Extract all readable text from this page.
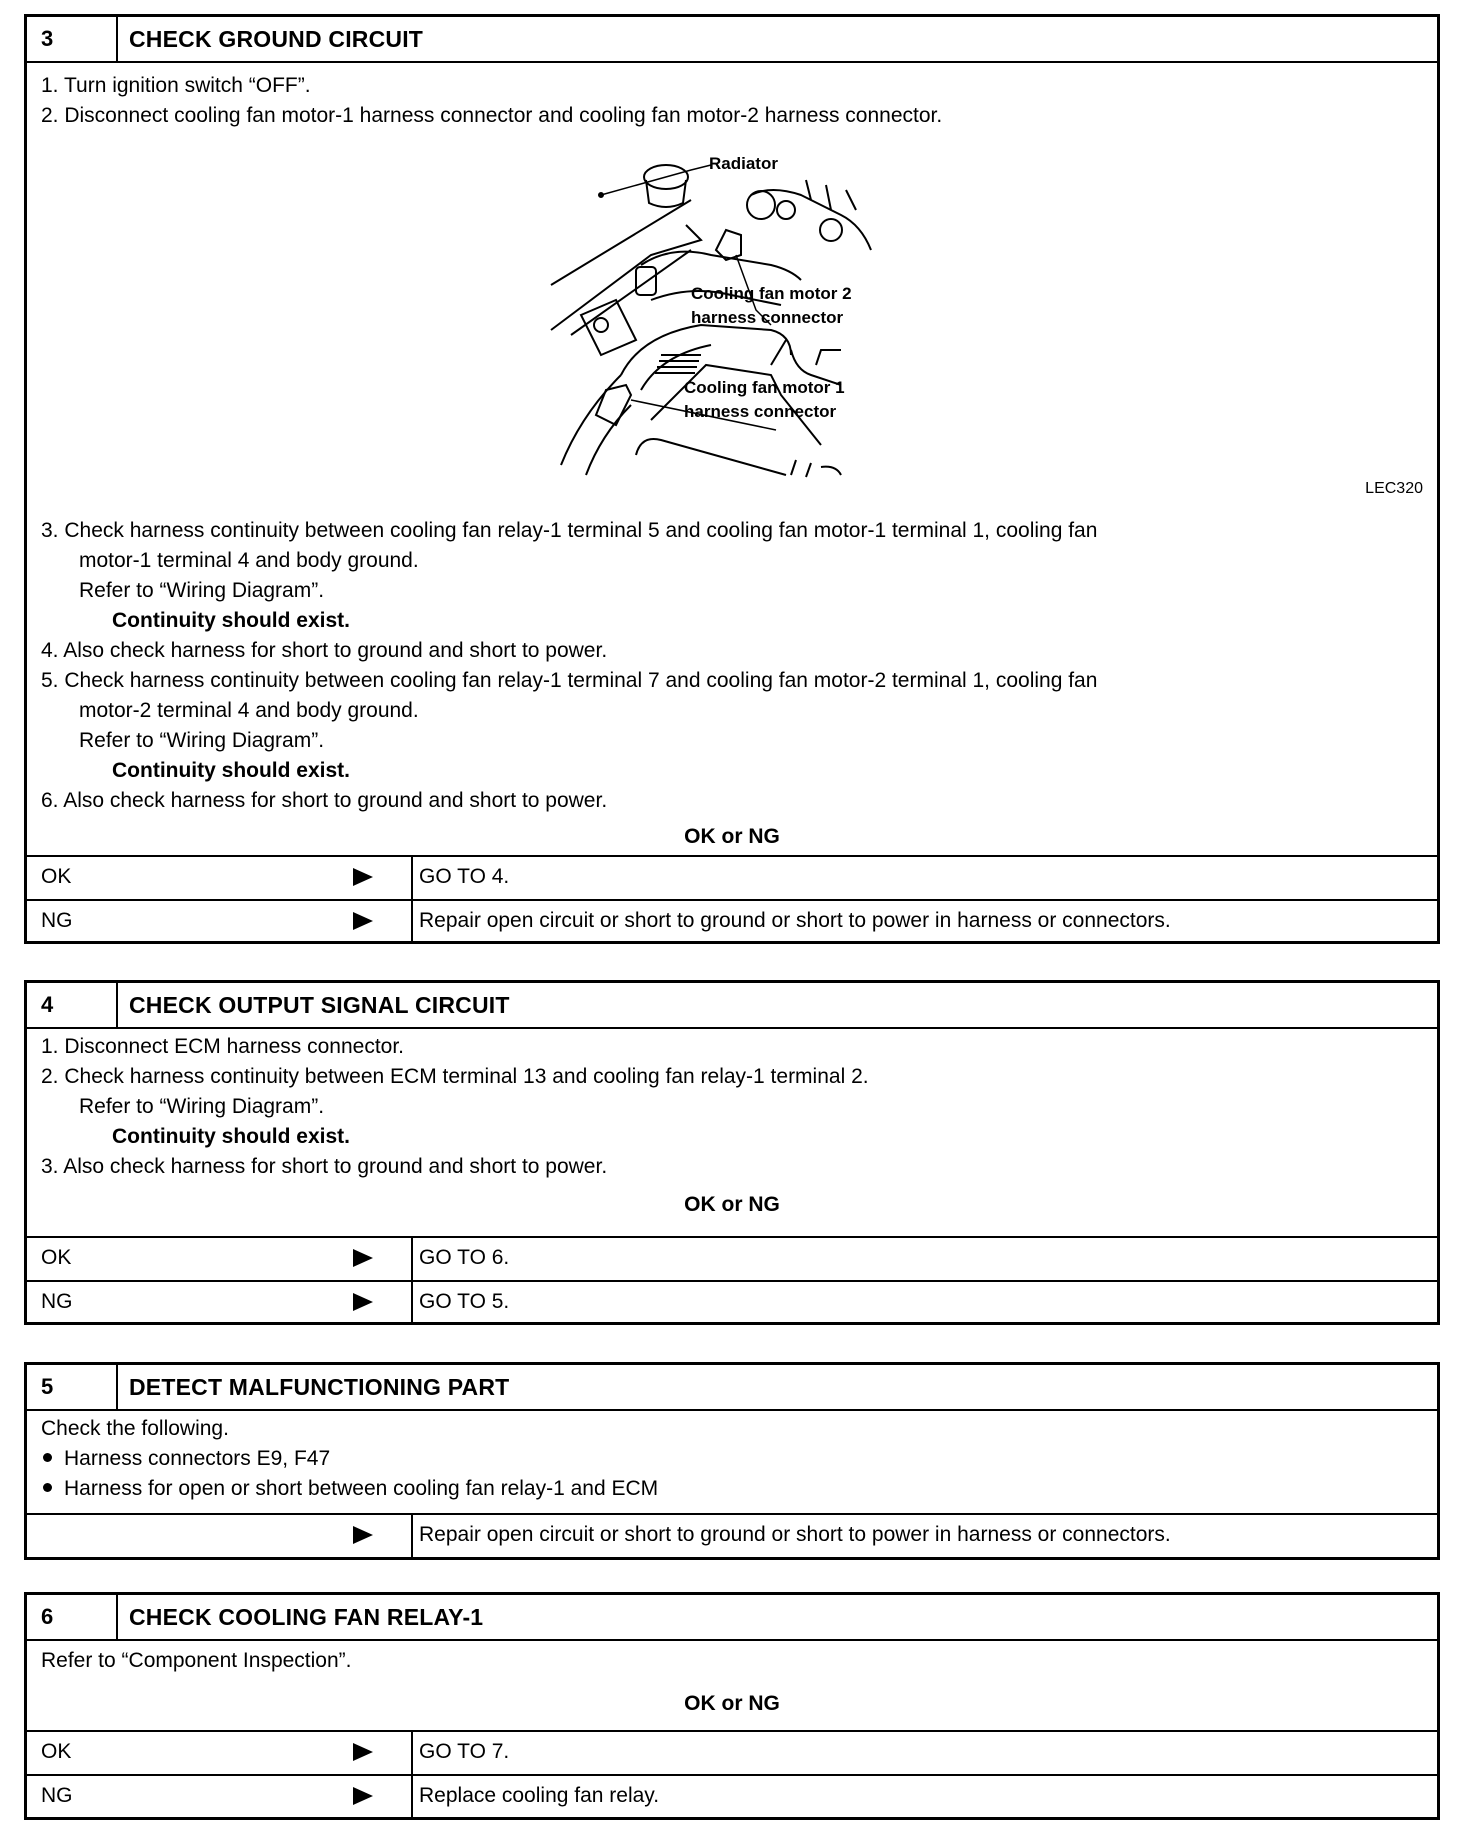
3	CHECK GROUND CIRCUIT
1. Turn ignition switch “OFF”.
2. Disconnect cooling fan motor-1 harness connector and cooling fan motor-2 harness connector.
Radiator
Cooling fan motor 2
harness connector
Cooling fan motor 1
harness connector
LEC320
3. Check harness continuity between cooling fan relay-1 terminal 5 and cooling fan motor-1 terminal 1, cooling fan
motor-1 terminal 4 and body ground.
Refer to “Wiring Diagram”.
Continuity should exist.
4. Also check harness for short to ground and short to power.
5. Check harness continuity between cooling fan relay-1 terminal 7 and cooling fan motor-2 terminal 1, cooling fan
motor-2 terminal 4 and body ground.
Refer to “Wiring Diagram”.
Continuity should exist.
6. Also check harness for short to ground and short to power.
OK or NG
OK	GO TO 4.
NG	Repair open circuit or short to ground or short to power in harness or connectors.
4	CHECK OUTPUT SIGNAL CIRCUIT
1. Disconnect ECM harness connector.
2. Check harness continuity between ECM terminal 13 and cooling fan relay-1 terminal 2.
Refer to “Wiring Diagram”.
Continuity should exist.
3. Also check harness for short to ground and short to power.
OK or NG
OK	GO TO 6.
NG	GO TO 5.
5	DETECT MALFUNCTIONING PART
Check the following.
Harness connectors E9, F47
Harness for open or short between cooling fan relay-1 and ECM
Repair open circuit or short to ground or short to power in harness or connectors.
6	CHECK COOLING FAN RELAY-1
Refer to “Component Inspection”.
OK or NG
OK	GO TO 7.
NG	Replace cooling fan relay.
